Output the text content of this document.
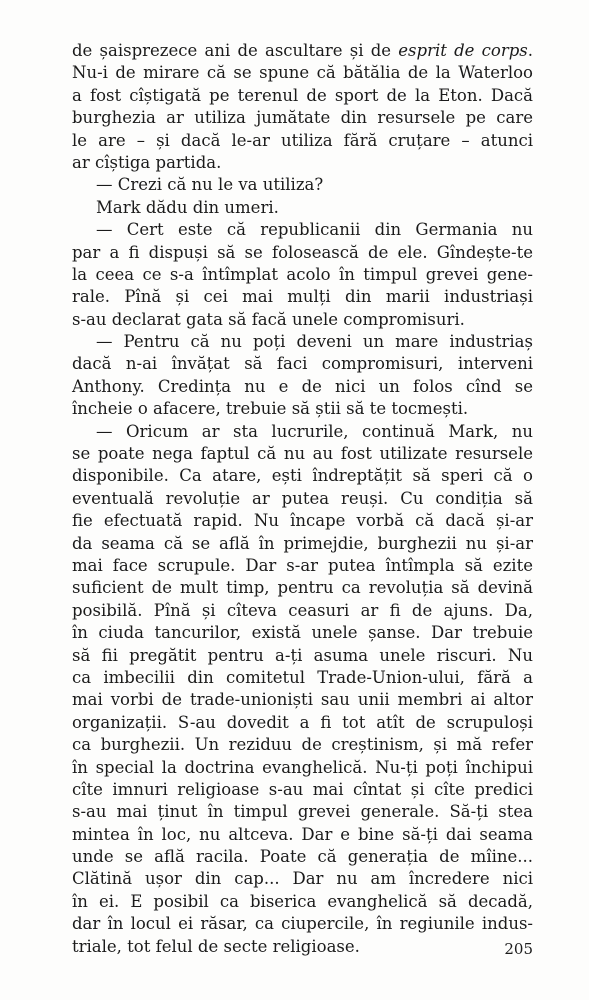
de șaisprezece ani de ascultare și de esprit de corps.
Nu-i de mirare că se spune că bătălia de la Waterloo
a fost cîștigată pe terenul de sport de la Eton. Dacă
burghezia ar utiliza jumătate din resursele pe care
le are – și dacă le-ar utiliza fără cruțare – atunci
ar cîștiga partida.
— Crezi că nu le va utiliza?
Mark dădu din umeri.
— Cert este că republicanii din Germania nu
par a fi dispuși să se folosească de ele. Gîndește-te
la ceea ce s-a întîmplat acolo în timpul grevei gene-
rale. Pînă și cei mai mulți din marii industriași
s-au declarat gata să facă unele compromisuri.
— Pentru că nu poți deveni un mare industriaș
dacă n-ai învățat să faci compromisuri, interveni
Anthony. Credința nu e de nici un folos cînd se
încheie o afacere, trebuie să știi să te tocmești.
— Oricum ar sta lucrurile, continuă Mark, nu
se poate nega faptul că nu au fost utilizate resursele
disponibile. Ca atare, ești îndreptățit să speri că o
eventuală revoluție ar putea reuși. Cu condiția să
fie efectuată rapid. Nu încape vorbă că dacă și-ar
da seama că se află în primejdie, burghezii nu și-ar
mai face scrupule. Dar s-ar putea întîmpla să ezite
suficient de mult timp, pentru ca revoluția să devină
posibilă. Pînă și cîteva ceasuri ar fi de ajuns. Da,
în ciuda tancurilor, există unele șanse. Dar trebuie
să fii pregătit pentru a-ți asuma unele riscuri. Nu
ca imbecilii din comitetul Trade-Union-ului, fără a
mai vorbi de trade-unioniști sau unii membri ai altor
organizații. S-au dovedit a fi tot atît de scrupuloși
ca burghezii. Un reziduu de creștinism, și mă refer
în special la doctrina evanghelică. Nu-ți poți închipui
cîte imnuri religioase s-au mai cîntat și cîte predici
s-au mai ținut în timpul grevei generale. Să-ți stea
mintea în loc, nu altceva. Dar e bine să-ți dai seama
unde se află racila. Poate că generația de mîine...
Clătină ușor din cap... Dar nu am încredere nici
în ei. E posibil ca biserica evanghelică să decadă,
dar în locul ei răsar, ca ciupercile, în regiunile indus-
triale, tot felul de secte religioase.	205
